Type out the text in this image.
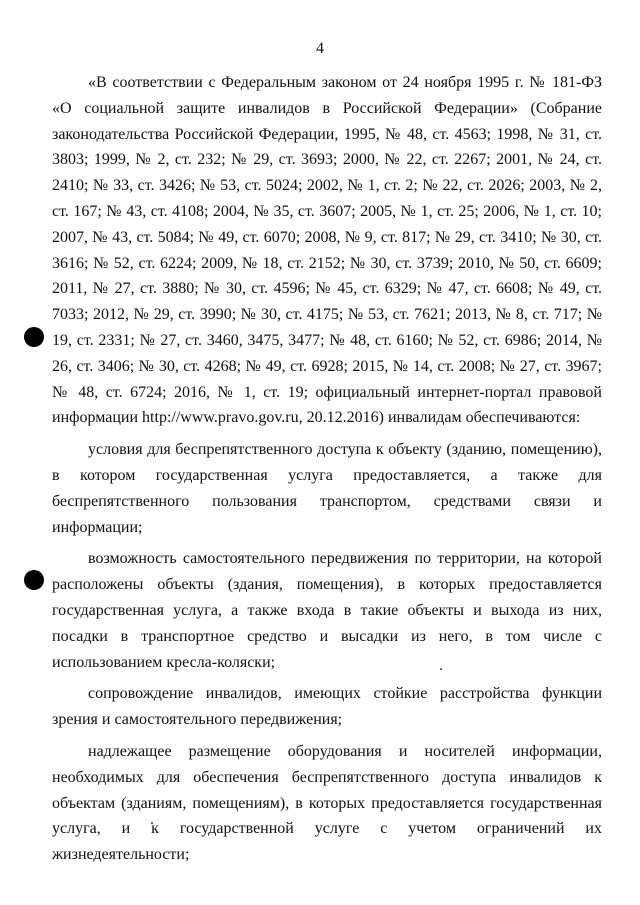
4

«В соответствии с Федеральным законом от 24 ноября 1995 г. № 181-ФЗ «О социальной защите инвалидов в Российской Федерации» (Собрание законодательства Российской Федерации, 1995, № 48, ст. 4563; 1998, № 31, ст. 3803; 1999, № 2, ст. 232; № 29, ст. 3693; 2000, № 22, ст. 2267; 2001, № 24, ст. 2410; № 33, ст. 3426; № 53, ст. 5024; 2002, № 1, ст. 2; № 22, ст. 2026; 2003, № 2, ст. 167; № 43, ст. 4108; 2004, № 35, ст. 3607; 2005, № 1, ст. 25; 2006, № 1, ст. 10; 2007, № 43, ст. 5084; № 49, ст. 6070; 2008, № 9, ст. 817; № 29, ст. 3410; № 30, ст. 3616; № 52, ст. 6224; 2009, № 18, ст. 2152; № 30, ст. 3739; 2010, № 50, ст. 6609; 2011, № 27, ст. 3880; № 30, ст. 4596; № 45, ст. 6329; № 47, ст. 6608; № 49, ст. 7033; 2012, № 29, ст. 3990; № 30, ст. 4175; № 53, ст. 7621; 2013, № 8, ст. 717; № 19, ст. 2331; № 27, ст. 3460, 3475, 3477; № 48, ст. 6160; № 52, ст. 6986; 2014, № 26, ст. 3406; № 30, ст. 4268; № 49, ст. 6928; 2015, № 14, ст. 2008; № 27, ст. 3967; № 48, ст. 6724; 2016, № 1, ст. 19; официальный интернет-портал правовой информации http://www.pravo.gov.ru, 20.12.2016) инвалидам обеспечиваются:

условия для беспрепятственного доступа к объекту (зданию, помещению), в котором государственная услуга предоставляется, а также для беспрепятственного пользования транспортом, средствами связи и информации;

возможность самостоятельного передвижения по территории, на которой расположены объекты (здания, помещения), в которых предоставляется государственная услуга, а также входа в такие объекты и выхода из них, посадки в транспортное средство и высадки из него, в том числе с использованием кресла-коляски;

сопровождение инвалидов, имеющих стойкие расстройства функции зрения и самостоятельного передвижения;

надлежащее размещение оборудования и носителей информации, необходимых для обеспечения беспрепятственного доступа инвалидов к объектам (зданиям, помещениям), в которых предоставляется государственная услуга, и к государственной услуге с учетом ограничений их жизнедеятельности;
